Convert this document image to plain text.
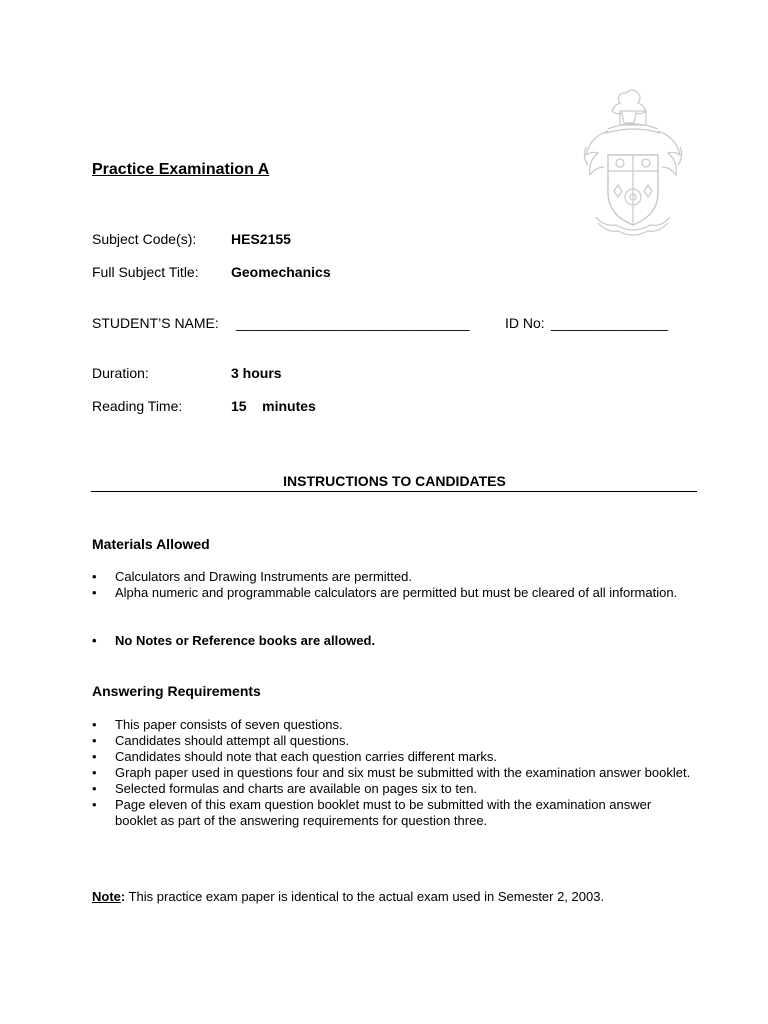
Practice Examination A
Subject Code(s): HES2155
Full Subject Title: Geomechanics
STUDENT’S NAME: ______________________________	ID No: _______________
Duration:	3 hours
Reading Time:	15    minutes
INSTRUCTIONS TO CANDIDATES
Materials Allowed
• Calculators and Drawing Instruments are permitted.
• Alpha numeric and programmable calculators are permitted but must be cleared of all information.
• No Notes or Reference books are allowed.
Answering Requirements
• This paper consists of seven questions.
• Candidates should attempt all questions.
• Candidates should note that each question carries different marks.
• Graph paper used in questions four and six must be submitted with the examination answer booklet.
• Selected formulas and charts are available on pages six to ten.
• Page eleven of this exam question booklet must to be submitted with the examination answer booklet as part of the answering requirements for question three.
Note: This practice exam paper is identical to the actual exam used in Semester 2, 2003.
